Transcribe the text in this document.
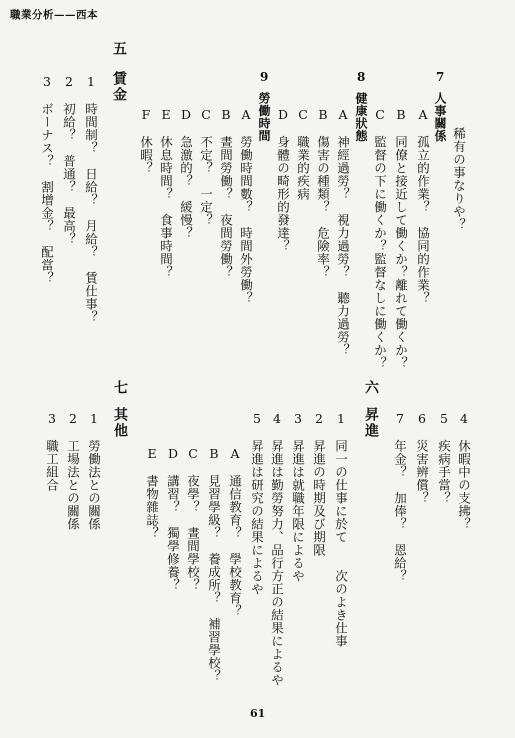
職業分析——西本
稀有の事なりや？
7
人事關係
A　孤立的作業？　協同的作業？
B　同僚と接近して働くか？離れて働くか？
C　監督の下に働くか？監督なしに働くか？
8
健康狀態
A　神經過勞？　視力過勞？　聽力過勞？
B　傷害の種類？　危險率？
C　職業的疾病
D　身體の畸形的發達？
9
勞働時間
A　勞働時間數？　時間外勞働？
B　晝間勞働？　夜間勞働？
C　不定？　一定？
D　急激的？　緩慢？
E　休息時間？　食事時間？
F　休暇？
五
賃金
1　時間制？　日給？　月給？　賃仕事？
2　初給？　普通？　最高？
3　ボーナス？　割增金？　配當？
4　休暇中の支拂？
5　疾病手當？
6　災害辨償？
7　年金？　加俸？　恩給？
六
昇進
1　同一の仕事に於て　　次のよき仕事
2　昇進の時期及び期限
3　昇進は就職年限によるや
4　昇進は勤勞努力、品行方正の結果によるや
5　昇進は研究の結果によるや
A　通信教育？　學校教育？
B　見習學級？　養成所？　補習學校？
C　夜學？　晝間學校？
D　講習？　獨學修養？
E　書物雜誌？
七
其他
1　勞働法との關係
2　工場法との關係
3　職工組合
61
